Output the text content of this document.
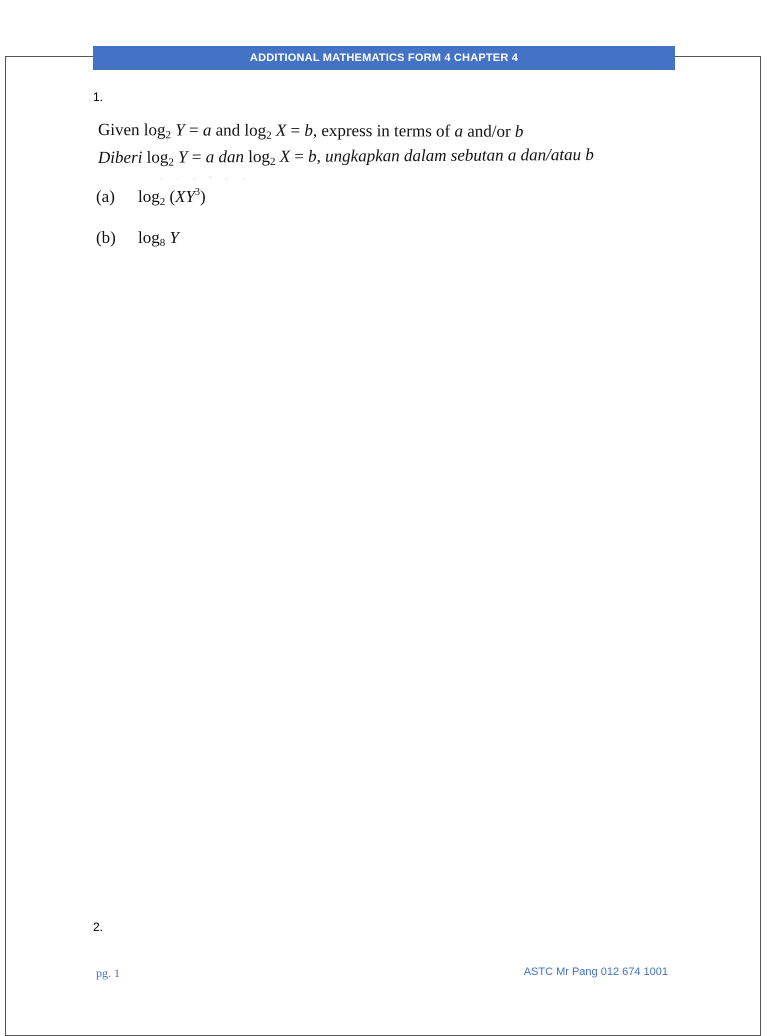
ADDITIONAL MATHEMATICS FORM 4 CHAPTER 4
1.
Given $\log_2 Y = a$ and $\log_2 X = b$, express in terms of a and/or b
Diberi $\log_2 Y = a$ dan $\log_2 X = b$, ungkapkan dalam sebutan a dan/atau b
· · · ' · ·
(a) $\log_2 (XY^3)$
(b) $\log_8 Y$
2.
pg. 1	ASTC Mr Pang 012 674 1001
